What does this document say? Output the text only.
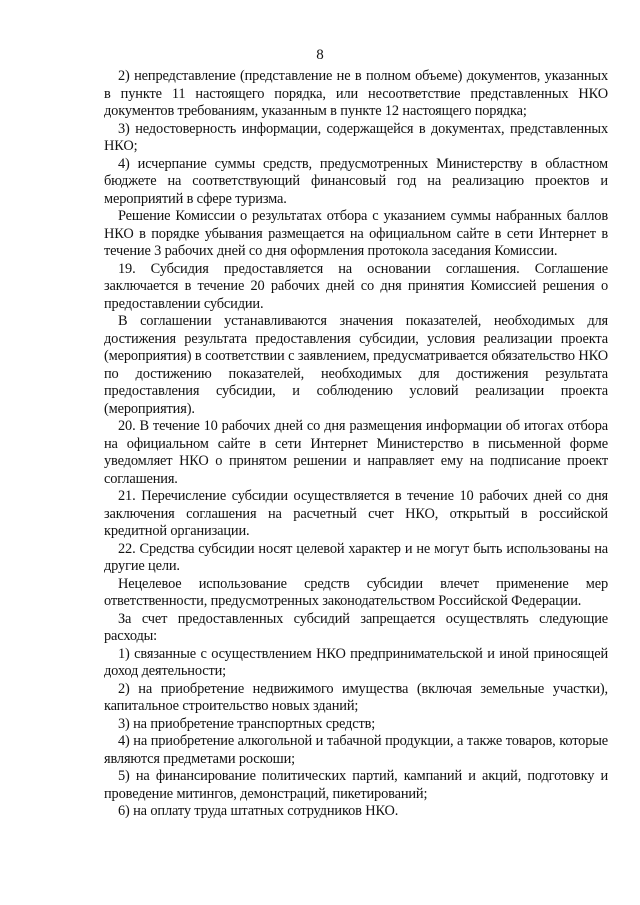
8

2) непредставление (представление не в полном объеме) документов, указанных в пункте 11 настоящего порядка, или несоответствие представленных НКО документов требованиям, указанным в пункте 12 настоящего порядка;

3) недостоверность информации, содержащейся в документах, представленных НКО;

4) исчерпание суммы средств, предусмотренных Министерству в областном бюджете на соответствующий финансовый год на реализацию проектов и мероприятий в сфере туризма.

Решение Комиссии о результатах отбора с указанием суммы набранных баллов НКО в порядке убывания размещается на официальном сайте в сети Интернет в течение 3 рабочих дней со дня оформления протокола заседания Комиссии.

19. Субсидия предоставляется на основании соглашения. Соглашение заключается в течение 20 рабочих дней со дня принятия Комиссией решения о предоставлении субсидии.

В соглашении устанавливаются значения показателей, необходимых для достижения результата предоставления субсидии, условия реализации проекта (мероприятия) в соответствии с заявлением, предусматривается обязательство НКО по достижению показателей, необходимых для достижения результата предоставления субсидии, и соблюдению условий реализации проекта (мероприятия).

20. В течение 10 рабочих дней со дня размещения информации об итогах отбора на официальном сайте в сети Интернет Министерство в письменной форме уведомляет НКО о принятом решении и направляет ему на подписание проект соглашения.

21. Перечисление субсидии осуществляется в течение 10 рабочих дней со дня заключения соглашения на расчетный счет НКО, открытый в российской кредитной организации.

22. Средства субсидии носят целевой характер и не могут быть использованы на другие цели.

Нецелевое использование средств субсидии влечет применение мер ответственности, предусмотренных законодательством Российской Федерации.

За счет предоставленных субсидий запрещается осуществлять следующие расходы:

1) связанные с осуществлением НКО предпринимательской и иной приносящей доход деятельности;

2) на приобретение недвижимого имущества (включая земельные участки), капитальное строительство новых зданий;

3) на приобретение транспортных средств;

4) на приобретение алкогольной и табачной продукции, а также товаров, которые являются предметами роскоши;

5) на финансирование политических партий, кампаний и акций, подготовку и проведение митингов, демонстраций, пикетирований;

6) на оплату труда штатных сотрудников НКО.
